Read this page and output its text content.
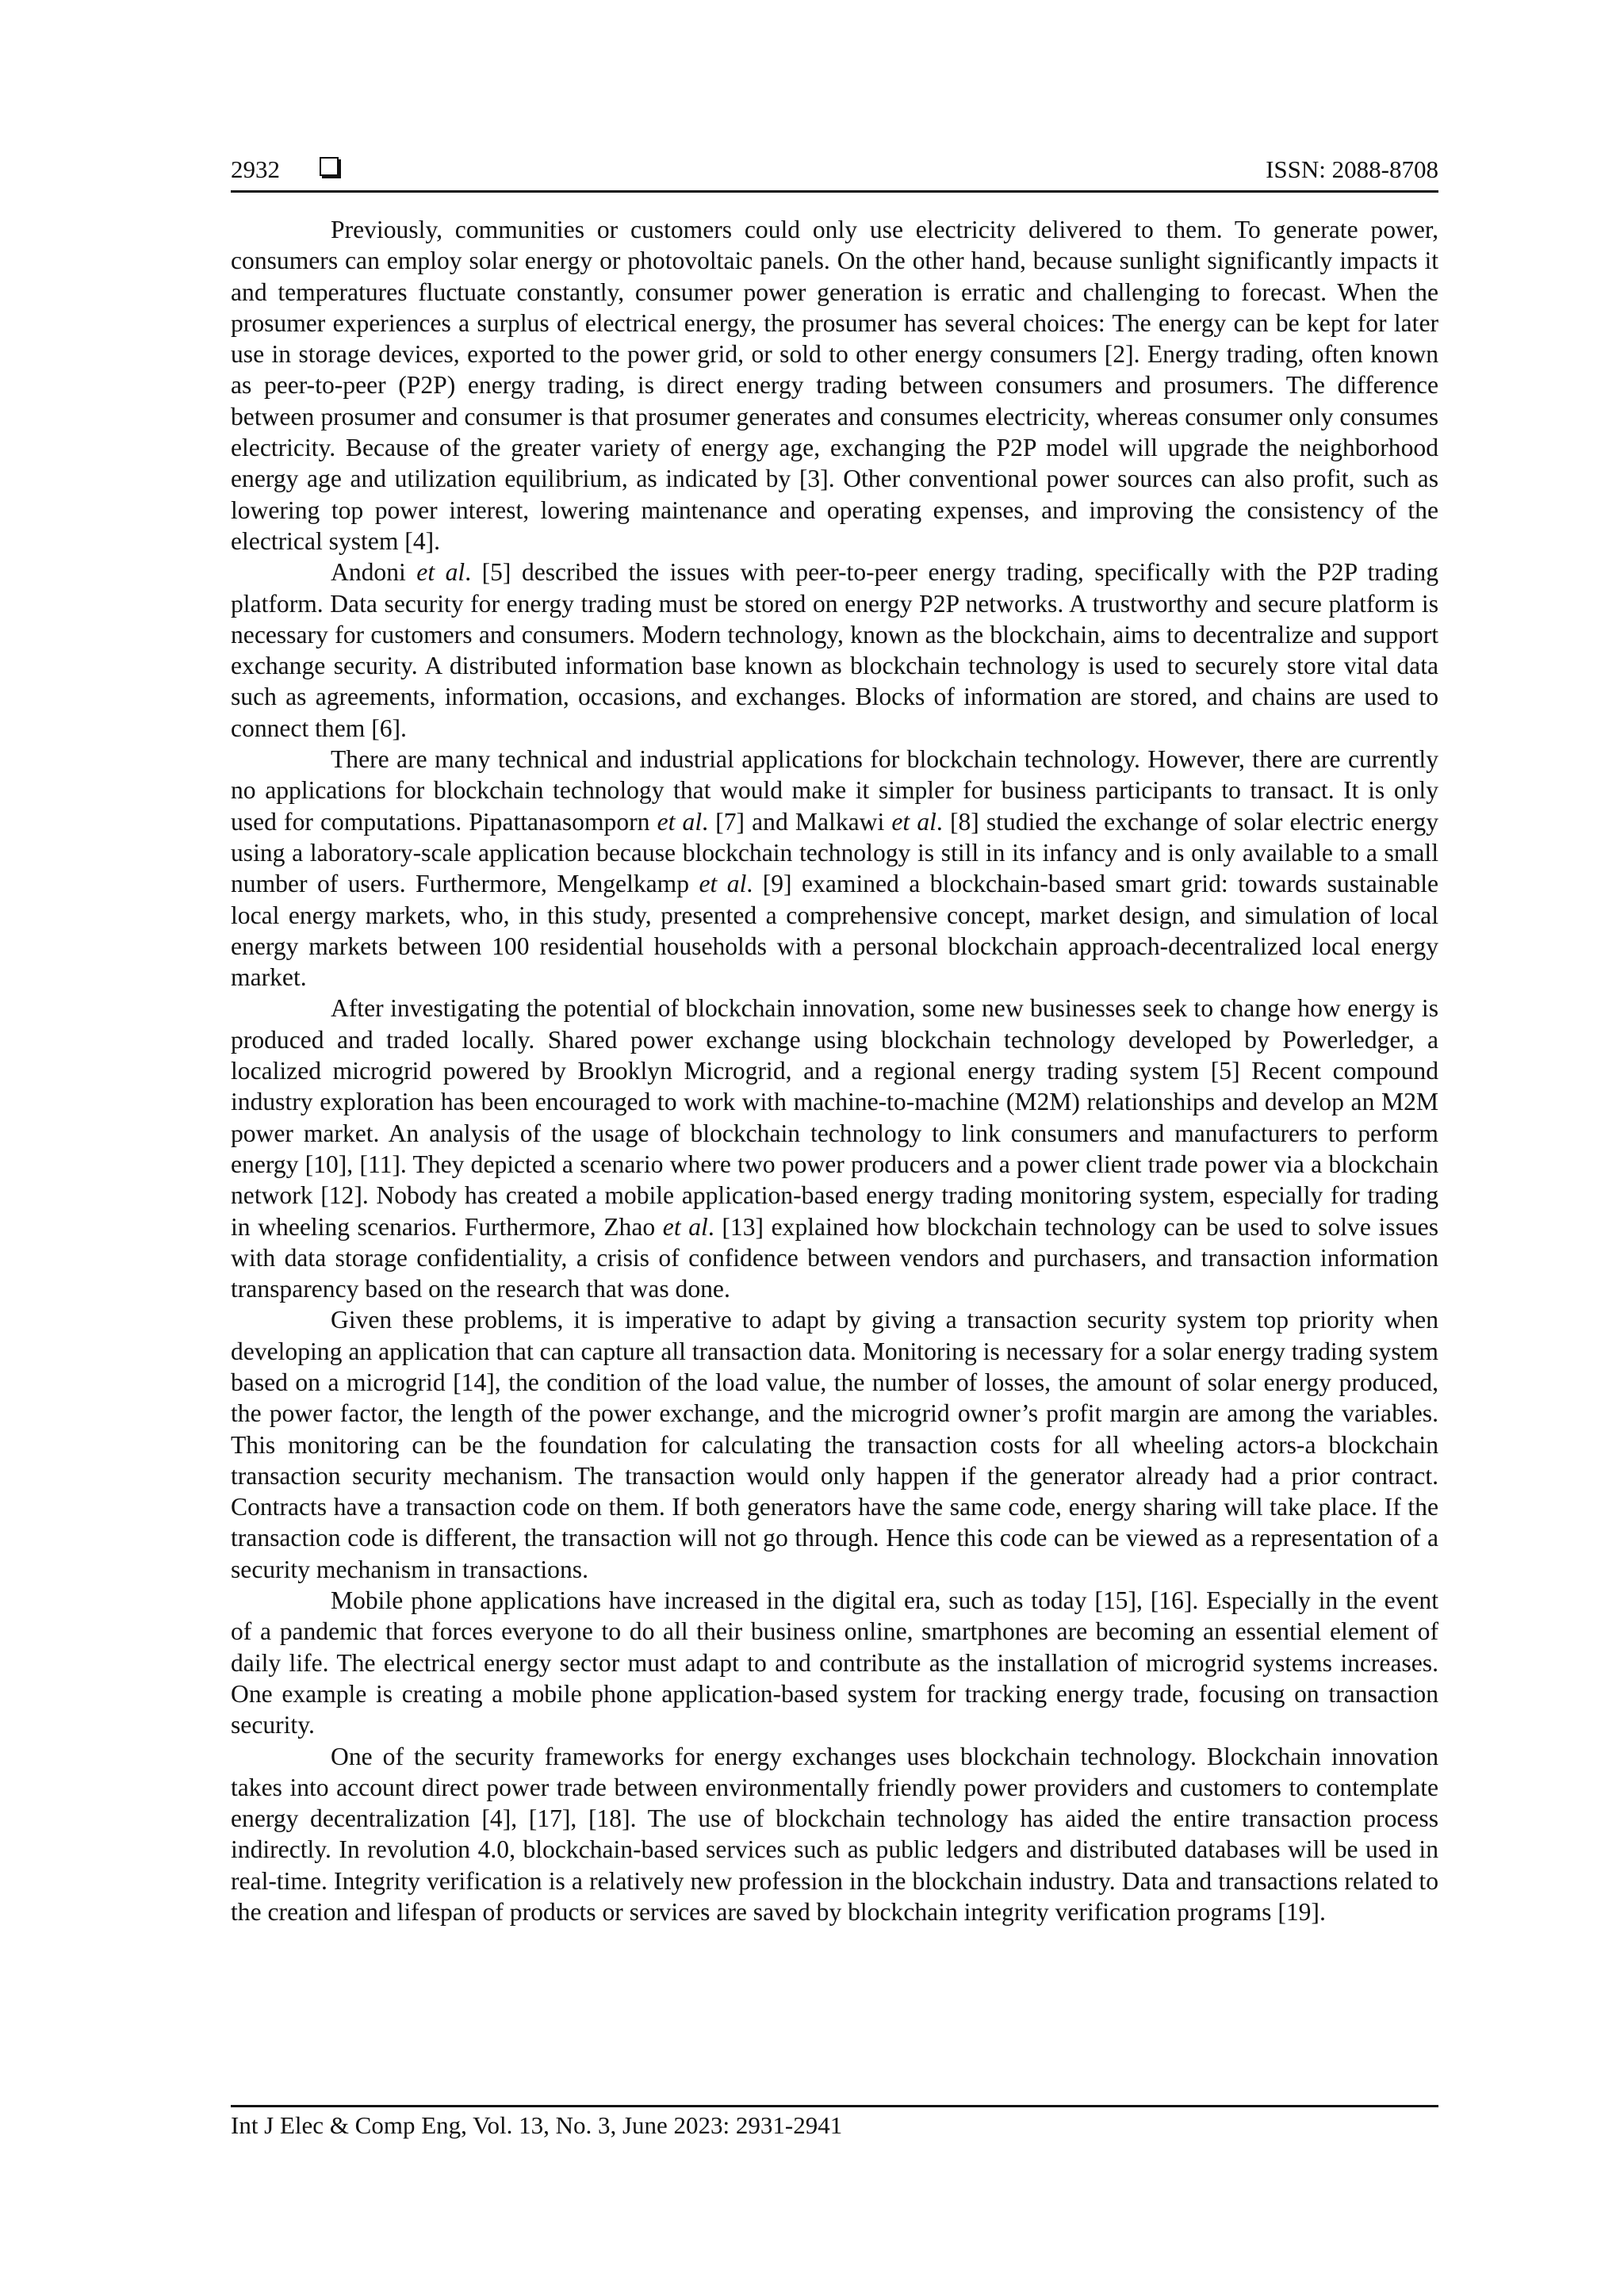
2932	ISSN: 2088-8708

Previously, communities or customers could only use electricity delivered to them. To generate power, consumers can employ solar energy or photovoltaic panels. On the other hand, because sunlight significantly impacts it and temperatures fluctuate constantly, consumer power generation is erratic and challenging to forecast. When the prosumer experiences a surplus of electrical energy, the prosumer has several choices: The energy can be kept for later use in storage devices, exported to the power grid, or sold to other energy consumers [2]. Energy trading, often known as peer-to-peer (P2P) energy trading, is direct energy trading between consumers and prosumers. The difference between prosumer and consumer is that prosumer generates and consumes electricity, whereas consumer only consumes electricity. Because of the greater variety of energy age, exchanging the P2P model will upgrade the neighborhood energy age and utilization equilibrium, as indicated by [3]. Other conventional power sources can also profit, such as lowering top power interest, lowering maintenance and operating expenses, and improving the consistency of the electrical system [4].

Andoni et al. [5] described the issues with peer-to-peer energy trading, specifically with the P2P trading platform. Data security for energy trading must be stored on energy P2P networks. A trustworthy and secure platform is necessary for customers and consumers. Modern technology, known as the blockchain, aims to decentralize and support exchange security. A distributed information base known as blockchain technology is used to securely store vital data such as agreements, information, occasions, and exchanges. Blocks of information are stored, and chains are used to connect them [6].

There are many technical and industrial applications for blockchain technology. However, there are currently no applications for blockchain technology that would make it simpler for business participants to transact. It is only used for computations. Pipattanasomporn et al. [7] and Malkawi et al. [8] studied the exchange of solar electric energy using a laboratory-scale application because blockchain technology is still in its infancy and is only available to a small number of users. Furthermore, Mengelkamp et al. [9] examined a blockchain-based smart grid: towards sustainable local energy markets, who, in this study, presented a comprehensive concept, market design, and simulation of local energy markets between 100 residential households with a personal blockchain approach-decentralized local energy market.

After investigating the potential of blockchain innovation, some new businesses seek to change how energy is produced and traded locally. Shared power exchange using blockchain technology developed by Powerledger, a localized microgrid powered by Brooklyn Microgrid, and a regional energy trading system [5] Recent compound industry exploration has been encouraged to work with machine-to-machine (M2M) relationships and develop an M2M power market. An analysis of the usage of blockchain technology to link consumers and manufacturers to perform energy [10], [11]. They depicted a scenario where two power producers and a power client trade power via a blockchain network [12]. Nobody has created a mobile application-based energy trading monitoring system, especially for trading in wheeling scenarios. Furthermore, Zhao et al. [13] explained how blockchain technology can be used to solve issues with data storage confidentiality, a crisis of confidence between vendors and purchasers, and transaction information transparency based on the research that was done.

Given these problems, it is imperative to adapt by giving a transaction security system top priority when developing an application that can capture all transaction data. Monitoring is necessary for a solar energy trading system based on a microgrid [14], the condition of the load value, the number of losses, the amount of solar energy produced, the power factor, the length of the power exchange, and the microgrid owner’s profit margin are among the variables. This monitoring can be the foundation for calculating the transaction costs for all wheeling actors-a blockchain transaction security mechanism. The transaction would only happen if the generator already had a prior contract. Contracts have a transaction code on them. If both generators have the same code, energy sharing will take place. If the transaction code is different, the transaction will not go through. Hence this code can be viewed as a representation of a security mechanism in transactions.

Mobile phone applications have increased in the digital era, such as today [15], [16]. Especially in the event of a pandemic that forces everyone to do all their business online, smartphones are becoming an essential element of daily life. The electrical energy sector must adapt to and contribute as the installation of microgrid systems increases. One example is creating a mobile phone application-based system for tracking energy trade, focusing on transaction security.

One of the security frameworks for energy exchanges uses blockchain technology. Blockchain innovation takes into account direct power trade between environmentally friendly power providers and customers to contemplate energy decentralization [4], [17], [18]. The use of blockchain technology has aided the entire transaction process indirectly. In revolution 4.0, blockchain-based services such as public ledgers and distributed databases will be used in real-time. Integrity verification is a relatively new profession in the blockchain industry. Data and transactions related to the creation and lifespan of products or services are saved by blockchain integrity verification programs [19].

Int J Elec & Comp Eng, Vol. 13, No. 3, June 2023: 2931-2941
